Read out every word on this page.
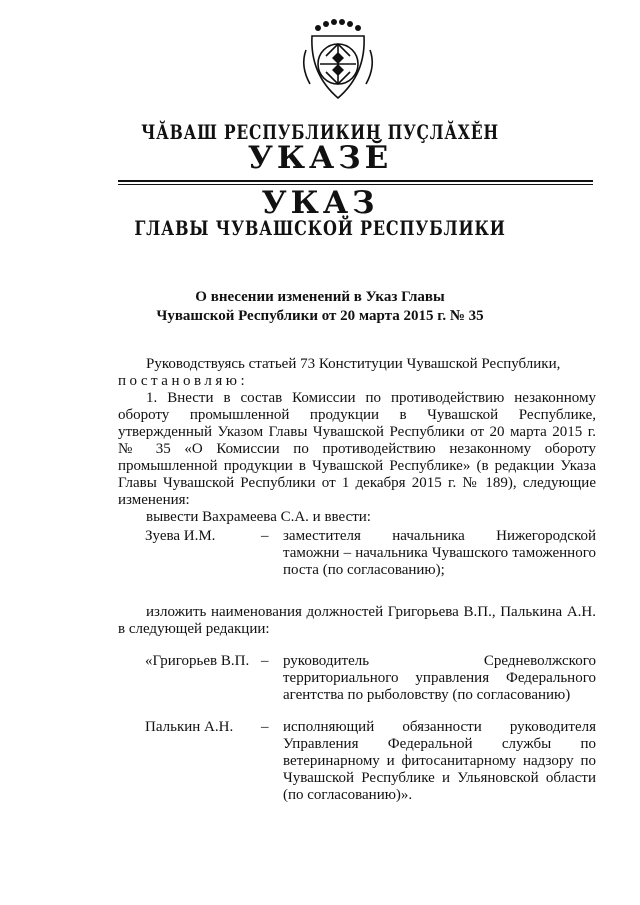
ЧӐВАШ РЕСПУБЛИКИН ПУҪЛӐХӖН
УКАЗӖ
УКАЗ
ГЛАВЫ ЧУВАШСКОЙ РЕСПУБЛИКИ
О внесении изменений в Указ Главы
Чувашской Республики от 20 марта 2015 г. № 35

Руководствуясь статьей 73 Конституции Чувашской Республики,

постановляю:

1. Внести в состав Комиссии по противодействию незаконному обороту промышленной продукции в Чувашской Республике, утвержденный Указом Главы Чувашской Республики от 20 марта 2015 г. № 35 «О Комиссии по противодействию незаконному обороту промышленной продукции в Чувашской Республике» (в редакции Указа Главы Чувашской Республики от 1 декабря 2015 г. № 189), следующие изменения:

вывести Вахрамеева С.А. и ввести:

Зуева И.М.	– заместителя начальника Нижегородской таможни – начальника Чувашского таможенного поста (по согласованию);

изложить наименования должностей Григорьева В.П., Палькина А.Н. в следующей редакции:

«Григорьев В.П. – руководитель Средневолжского территориального управления Федерального агентства по рыболовству (по согласованию)
Палькин А.Н.	– исполняющий обязанности руководителя Управления Федеральной службы по ветеринарному и фитосанитарному надзору по Чувашской Республике и Ульяновской области (по согласованию)».
